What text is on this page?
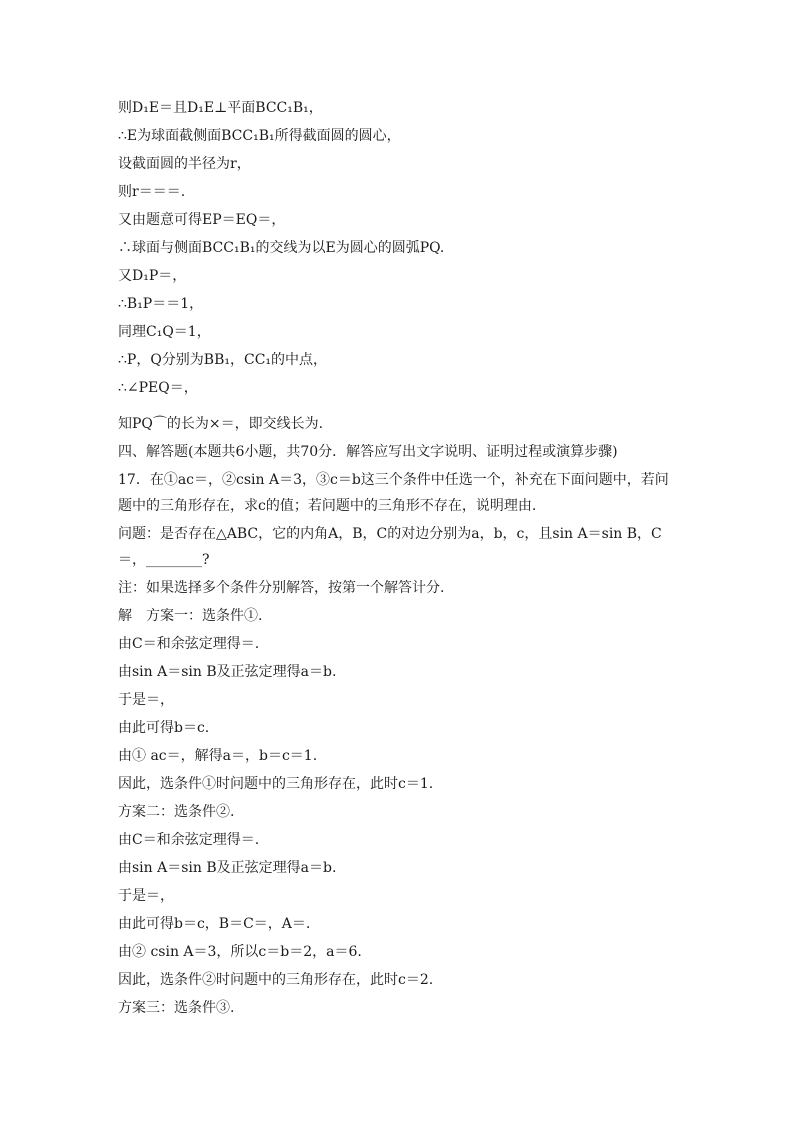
则D₁E＝且D₁E⊥平面BCC₁B₁，
∴E为球面截侧面BCC₁B₁所得截面圆的圆心，
设截面圆的半径为r，
则r＝＝＝.
又由题意可得EP＝EQ＝，
∴球面与侧面BCC₁B₁的交线为以E为圆心的圆弧PQ.
又D₁P＝，
∴B₁P＝＝1，
同理C₁Q＝1，
∴P，Q分别为BB₁，CC₁的中点，
∴∠PEQ＝，
知PQ⌒的长为×＝，即交线长为.
四、解答题(本题共6小题，共70分．解答应写出文字说明、证明过程或演算步骤)
17．在①ac＝，②csin A＝3，③c＝b这三个条件中任选一个，补充在下面问题中，若问
题中的三角形存在，求c的值；若问题中的三角形不存在，说明理由.
问题：是否存在△ABC，它的内角A，B，C的对边分别为a，b，c，且sin A＝sin B，C
＝，________?
注：如果选择多个条件分别解答，按第一个解答计分.
解　方案一：选条件①.
由C＝和余弦定理得＝.
由sin A＝sin B及正弦定理得a＝b.
于是＝，
由此可得b＝c.
由① ac＝，解得a＝，b＝c＝1.
因此，选条件①时问题中的三角形存在，此时c＝1.
方案二：选条件②.
由C＝和余弦定理得＝.
由sin A＝sin B及正弦定理得a＝b.
于是＝，
由此可得b＝c，B＝C＝，A＝.
由② csin A＝3，所以c＝b＝2，a＝6.
因此，选条件②时问题中的三角形存在，此时c＝2.
方案三：选条件③.
